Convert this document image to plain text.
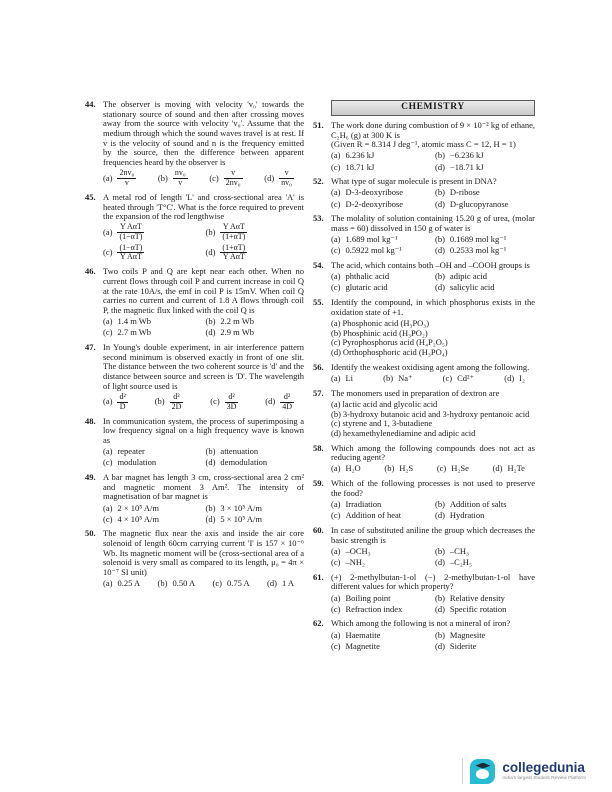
44. The observer is moving with velocity 'v₀' towards the stationary source of sound and then after crossing moves away from the source with velocity 'v₀'. Assume that the medium through which the sound waves travel is at rest. If v is the velocity of sound and n is the frequency emitted by the source, then the difference between apparent frequencies heard by the observer is
$(a) \frac{\text{2nv₀}}{v}$	$(b) \frac{\text{nv₀}}{v}$	$(c) \frac{v}{\text{2nv₀}}$	$(d) \frac{v}{\text{nv₀}}$
45. A metal rod of length 'L' and cross-sectional area 'A' is heated through 'T°C'. What is the force required to prevent the expansion of the rod lengthwise
$(a) \frac{\text{Y AαT}}{(1-\alpha T)}$	$(b) \frac{\text{Y AαT}}{(1+\alpha T)}$
$(c) \frac{(1-\alpha T)}{\text{Y AαT}}$	$(d) \frac{(1+\alpha T)}{\text{Y AαT}}$
46. Two coils P and Q are kept near each other. When no current flows through coil P and current increase in coil Q at the rate 10A/s, the emf in coil P is 15mV. When coil Q carries no current and current of 1.8 A flows through coil P, the magnetic flux linked with the coil Q is
(a) 1.4 m Wb	(b) 2.2 m Wb
(c) 2.7 m Wb	(d) 2.9 m Wb
47. In Young's double experiment, in air interference pattern second minimum is observed exactly in front of one slit. The distance between the two coherent source is 'd' and the distance between source and screen is 'D'. The wavelength of light source used is
$(a) \frac{\text{d²}}{D}$	$(b) \frac{\text{d²}}{2D}$	$(c) \frac{\text{d²}}{3D}$	$(d) \frac{\text{d²}}{4D}$
48. In communication system, the process of superimposing a low frequency signal on a high frequency wave is known as
(a) repeater	(b) attenuation
(c) modulation	(d) demodulation
49. A bar magnet has length 3 cm, cross-sectional area 2 cm² and magnetic moment 3 Am². The intensity of magnetisation of bar magnet is
(a) 2 × 10⁵ A/m	(b) 3 × 10⁵ A/m
(c) 4 × 10⁵ A/m	(d) 5 × 10⁵ A/m
50. The magnetic flux near the axis and inside the air core solenoid of length 60cm carrying current 'I' is 157 × 10⁻⁶ Wb. Its magnetic moment will be (cross-sectional area of a solenoid is very small as compared to its length, μ₀ = 4π × 10⁻⁷ SI unit)
(a) 0.25 A (b) 0.50 A (c) 0.75 A (d) 1 A
CHEMISTRY
51. The work done during combustion of 9 × 10⁻² kg of ethane, C₂H₆ (g) at 300 K is
(Given R = 8.314 J deg⁻¹, atomic mass C = 12, H = 1)
(a) 6.236 kJ	(b) −6.236 kJ
(c) 18.71 kJ	(d) −18.71 kJ
52. What type of sugar molecule is present in DNA?
(a) D-3-deoxyribose	(b) D-ribose
(c) D-2-deoxyribose	(d) D-glucopyranose
53. The molality of solution containing 15.20 g of urea, (molar mass = 60) dissolved in 150 g of water is
(a) 1.689 mol kg⁻¹	(b) 0.1689 mol kg⁻¹
(c) 0.5922 mol kg⁻¹	(d) 0.2533 mol kg⁻¹
54. The acid, which contains both –OH and –COOH groups is
(a) phthalic acid	(b) adipic acid
(c) glutaric acid	(d) salicylic acid
55. Identify the compound, in which phosphorus exists in the oxidation state of +1.
(a) Phosphonic acid (H₃PO₃)
(b) Phosphinic acid (H₃PO₂)
(c) Pyrophosphorus acid (H₄P₂O₅)
(d) Orthophosphoric acid (H₃PO₄)
56. Identify the weakest oxidising agent among the following.
(a) Li	(b) Na⁺	(c) Cd²⁺	(d) I₂
57. The monomers used in preparation of dextron are
(a) lactic acid and glycolic acid
(b) 3-hydroxy butanoic acid and 3-hydroxy pentanoic acid
(c) styrene and 1, 3-butadiene
(d) hexamethylenediamine and adipic acid
58. Which among the following compounds does not act as reducing agent?
(a) H₂O	(b) H₂S	(c) H₂Se	(d) H₂Te
59. Which of the following processes is not used to preserve the food?
(a) Irradiation	(b) Addition of salts
(c) Addition of heat	(d) Hydration
60. In case of substituted aniline the group which decreases the basic strength is
(a) –OCH₃	(b) –CH₃
(c) –NH₂	(d) –C₂H₅
61. (+) 2-methylbutan-1-ol (−) 2-methylbutan-1-ol have different values for which property?
(a) Boiling point	(b) Relative density
(c) Refraction index	(d) Specific rotation
62. Which among the following is not a mineral of iron?
(a) Haematite	(b) Magnesite
(c) Magnetite	(d) Siderite
collegedunia
India's largest Student Review Platform
